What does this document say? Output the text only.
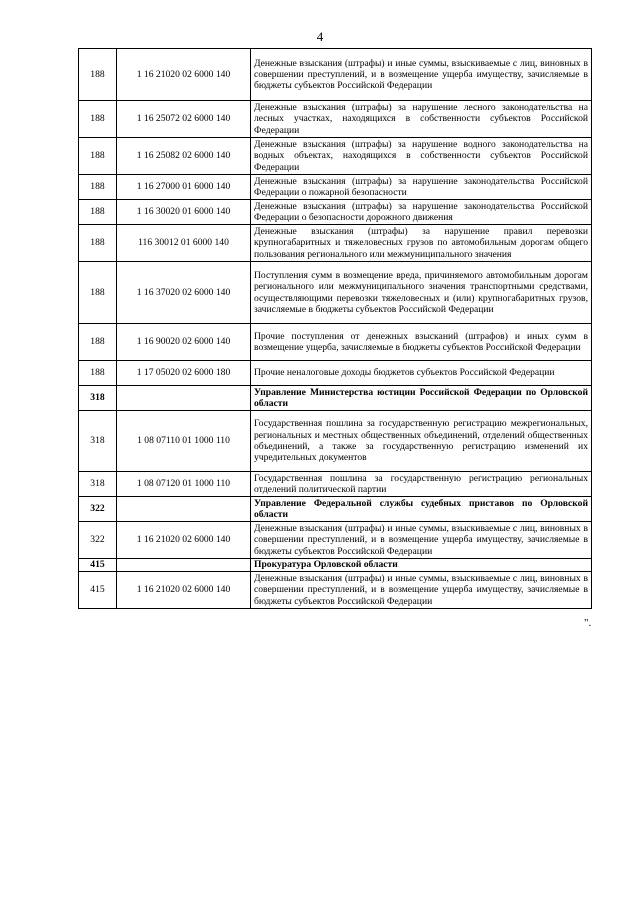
4
188	1 16 21020 02 6000 140	Денежные взыскания (штрафы) и иные суммы, взыскиваемые с лиц, виновных в совершении преступлений, и в возмещение ущерба имуществу, зачисляемые в бюджеты субъектов Российской Федерации
188	1 16 25072 02 6000 140	Денежные взыскания (штрафы) за нарушение лесного законодательства на лесных участках, находящихся в собственности субъектов Российской Федерации
188	1 16 25082 02 6000 140	Денежные взыскания (штрафы) за нарушение водного законодательства на водных объектах, находящихся в собственности субъектов Российской Федерации
188	1 16 27000 01 6000 140	Денежные взыскания (штрафы) за нарушение законодательства Российской Федерации о пожарной безопасности
188	1 16 30020 01 6000 140	Денежные взыскания (штрафы) за нарушение законодательства Российской Федерации о безопасности дорожного движения
188	116 30012 01 6000 140	Денежные взыскания (штрафы) за нарушение правил перевозки крупногабаритных и тяжеловесных грузов по автомобильным дорогам общего пользования регионального или межмуниципального значения
188	1 16 37020 02 6000 140	Поступления сумм в возмещение вреда, причиняемого автомобильным дорогам регионального или межмуниципального значения транспортными средствами, осуществляющими перевозки тяжеловесных и (или) крупногабаритных грузов, зачисляемые в бюджеты субъектов Российской Федерации
188	1 16 90020 02 6000 140	Прочие поступления от денежных взысканий (штрафов) и иных сумм в возмещение ущерба, зачисляемые в бюджеты субъектов Российской Федерации
188	1 17 05020 02 6000 180	Прочие неналоговые доходы бюджетов субъектов Российской Федерации
318		Управление Министерства юстиции Российской Федерации по Орловской области
318	1 08 07110 01 1000 110	Государственная пошлина за государственную регистрацию межрегиональных, региональных и местных общественных объединений, отделений общественных объединений, а также за государственную регистрацию изменений их учредительных документов
318	1 08 07120 01 1000 110	Государственная пошлина за государственную регистрацию региональных отделений политической партии
322		Управление Федеральной службы судебных приставов по Орловской области
322	1 16 21020 02 6000 140	Денежные взыскания (штрафы) и иные суммы, взыскиваемые с лиц, виновных в совершении преступлений, и в возмещение ущерба имуществу, зачисляемые в бюджеты субъектов Российской Федерации
415		Прокуратура Орловской области
415	1 16 21020 02 6000 140	Денежные взыскания (штрафы) и иные суммы, взыскиваемые с лиц, виновных в совершении преступлений, и в возмещение ущерба имуществу, зачисляемые в бюджеты субъектов Российской Федерации
".
